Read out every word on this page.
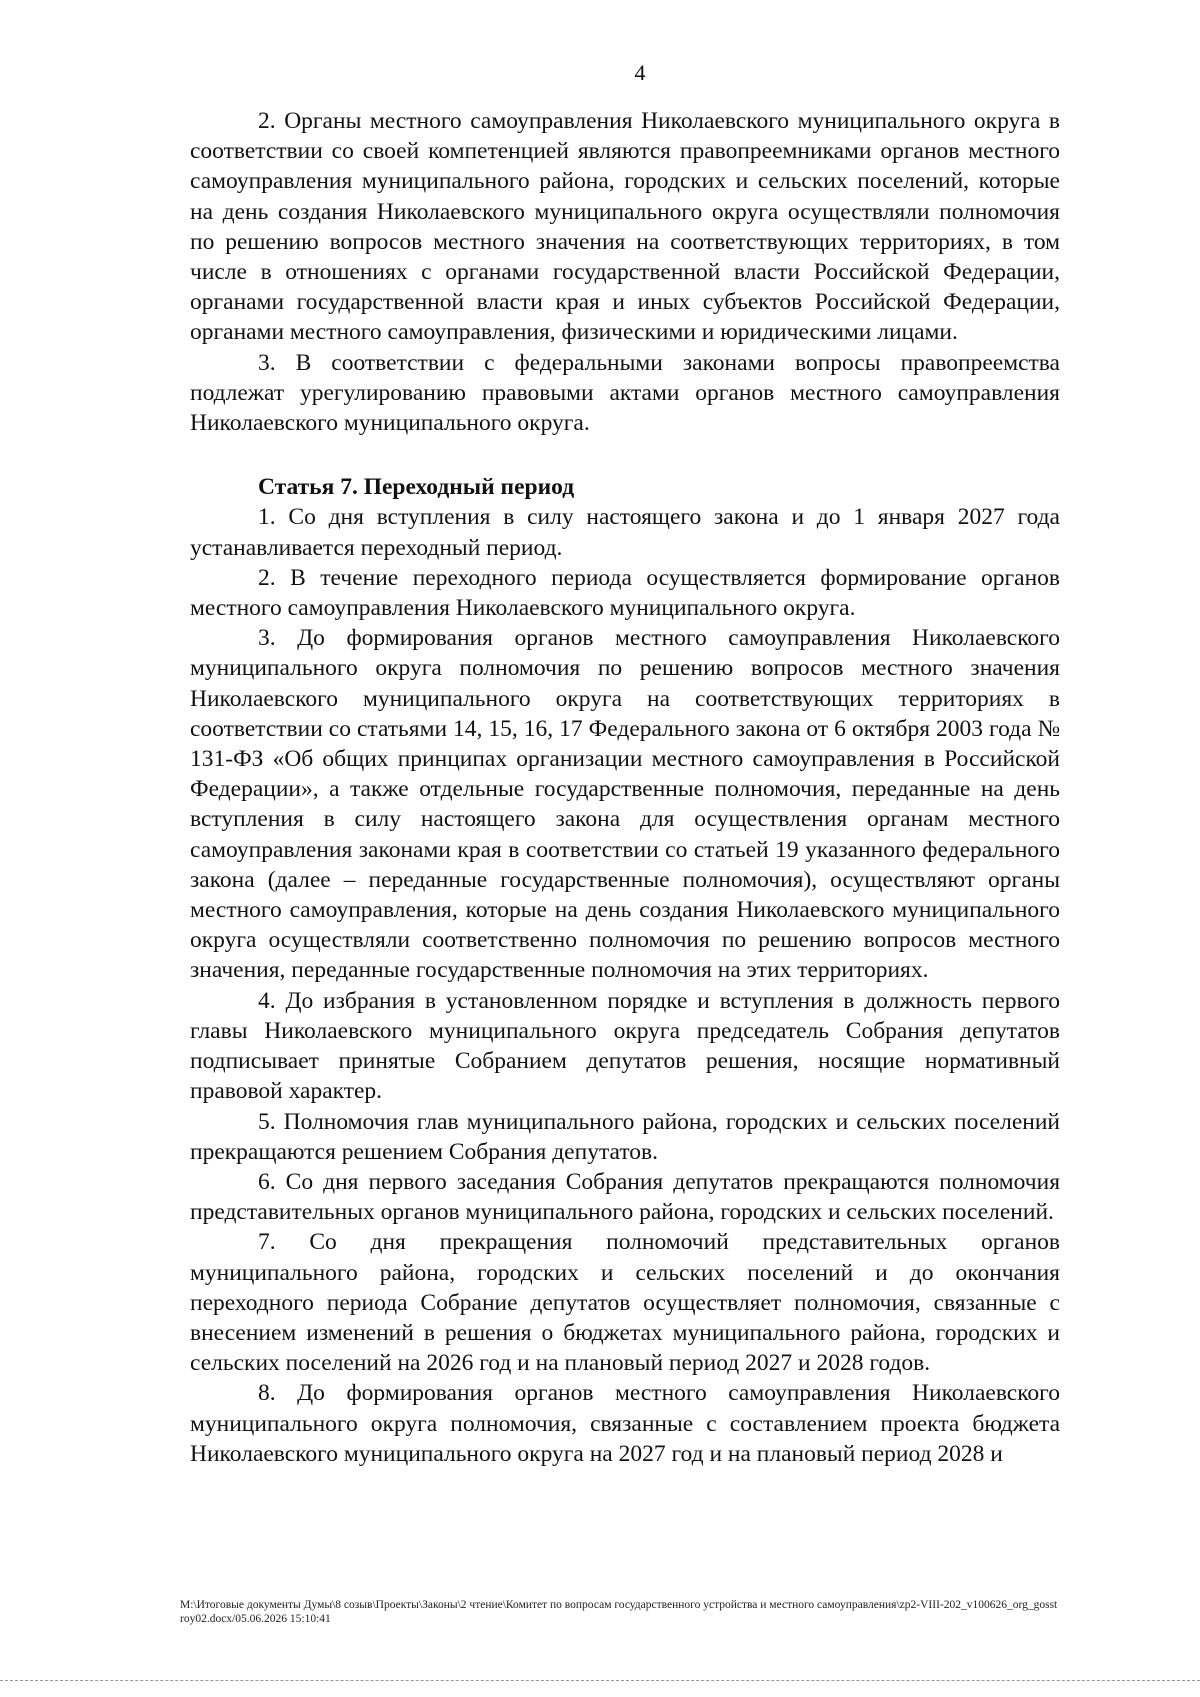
4

2. Органы местного самоуправления Николаевского муниципального округа в соответствии со своей компетенцией являются правопреемниками органов местного самоуправления муниципального района, городских и сельских поселений, которые на день создания Николаевского муниципального округа осуществляли полномочия по решению вопросов местного значения на соответствующих территориях, в том числе в отношениях с органами государственной власти Российской Федерации, органами государственной власти края и иных субъектов Российской Федерации, органами местного самоуправления, физическими и юридическими лицами.

3. В соответствии с федеральными законами вопросы правопреемства подлежат урегулированию правовыми актами органов местного самоуправления Николаевского муниципального округа.

Статья 7. Переходный период

1. Со дня вступления в силу настоящего закона и до 1 января 2027 года устанавливается переходный период.

2. В течение переходного периода осуществляется формирование органов местного самоуправления Николаевского муниципального округа.

3. До формирования органов местного самоуправления Николаевского муниципального округа полномочия по решению вопросов местного значения Николаевского муниципального округа на соответствующих территориях в соответствии со статьями 14, 15, 16, 17 Федерального закона от 6 октября 2003 года № 131-ФЗ «Об общих принципах организации местного самоуправления в Российской Федерации», а также отдельные государственные полномочия, переданные на день вступления в силу настоящего закона для осуществления органам местного самоуправления законами края в соответствии со статьей 19 указанного федерального закона (далее – переданные государственные полномочия), осуществляют органы местного самоуправления, которые на день создания Николаевского муниципального округа осуществляли соответственно полномочия по решению вопросов местного значения, переданные государственные полномочия на этих территориях.

4. До избрания в установленном порядке и вступления в должность первого главы Николаевского муниципального округа председатель Собрания депутатов подписывает принятые Собранием депутатов решения, носящие нормативный правовой характер.

5. Полномочия глав муниципального района, городских и сельских поселений прекращаются решением Собрания депутатов.

6. Со дня первого заседания Собрания депутатов прекращаются полномочия представительных органов муниципального района, городских и сельских поселений.

7. Со дня прекращения полномочий представительных органов муниципального района, городских и сельских поселений и до окончания переходного периода Собрание депутатов осуществляет полномочия, связанные с внесением изменений в решения о бюджетах муниципального района, городских и сельских поселений на 2026 год и на плановый период 2027 и 2028 годов.

8. До формирования органов местного самоуправления Николаевского муниципального округа полномочия, связанные с составлением проекта бюджета Николаевского муниципального округа на 2027 год и на плановый период 2028 и

M:\Итоговые документы Думы\8 созыв\Проекты\Законы\2 чтение\Комитет по вопросам государственного устройства и местного самоуправления\zp2-VIII-202_v100626_org_gosstroy02.docx/05.06.2026 15:10:41
